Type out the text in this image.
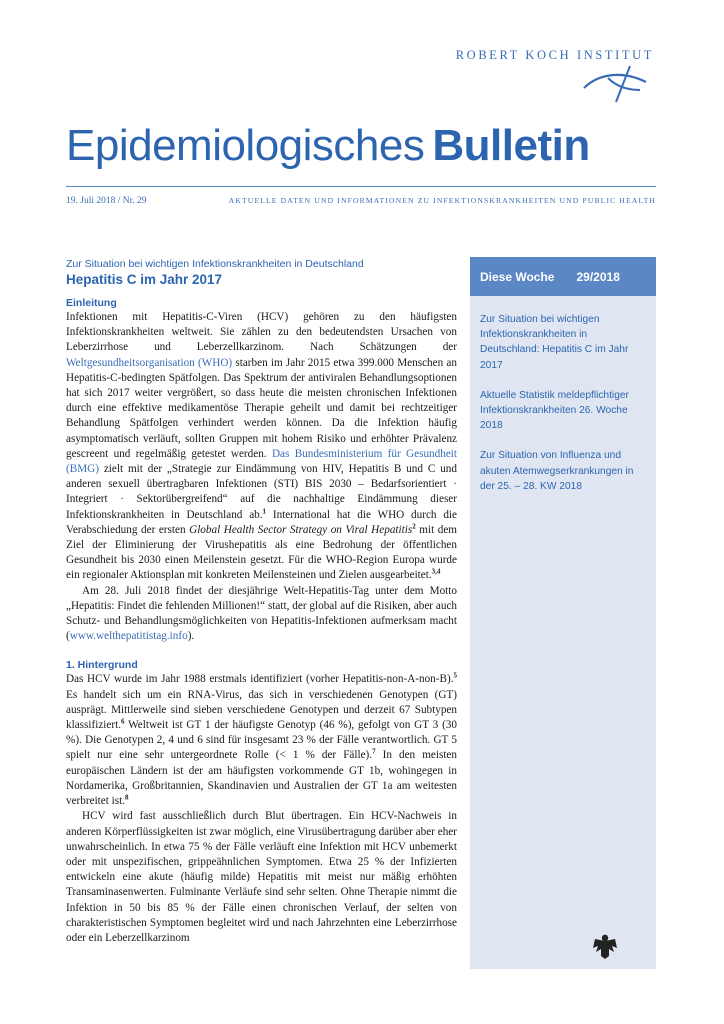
ROBERT KOCH INSTITUT
Epidemiologisches Bulletin
19. Juli 2018 / Nr. 29	AKTUELLE DATEN UND INFORMATIONEN ZU INFEKTIONSKRANKHEITEN UND PUBLIC HEALTH
Zur Situation bei wichtigen Infektionskrankheiten in Deutschland
Hepatitis C im Jahr 2017
Einleitung

Infektionen mit Hepatitis-C-Viren (HCV) gehören zu den häufigsten Infektionskrankheiten weltweit. Sie zählen zu den bedeutendsten Ursachen von Leberzirrhose und Leberzellkarzinom. Nach Schätzungen der Weltgesundheitsorganisation (WHO) starben im Jahr 2015 etwa 399.000 Menschen an Hepatitis-C-bedingten Spätfolgen. Das Spektrum der antiviralen Behandlungsoptionen hat sich 2017 weiter vergrößert, so dass heute die meisten chronischen Infektionen durch eine effektive medikamentöse Therapie geheilt und damit bei rechtzeitiger Behandlung Spätfolgen verhindert werden können. Da die Infektion häufig asymptomatisch verläuft, sollten Gruppen mit hohem Risiko und erhöhter Prävalenz gescreent und regelmäßig getestet werden. Das Bundesministerium für Gesundheit (BMG) zielt mit der „Strategie zur Eindämmung von HIV, Hepatitis B und C und anderen sexuell übertragbaren Infektionen (STI) BIS 2030 – Bedarfsorientiert · Integriert · Sektorübergreifend“ auf die nachhaltige Eindämmung dieser Infektionskrankheiten in Deutschland ab.$^1$ International hat die WHO durch die Verabschiedung der ersten Global Health Sector Strategy on Viral Hepatitis$^2$ mit dem Ziel der Eliminierung der Virushepatitis als eine Bedrohung der öffentlichen Gesundheit bis 2030 einen Meilenstein gesetzt. Für die WHO-Region Europa wurde ein regionaler Aktionsplan mit konkreten Meilensteinen und Zielen ausgearbeitet.$^{3,4}$

Am 28. Juli 2018 findet der diesjährige Welt-Hepatitis-Tag unter dem Motto „Hepatitis: Findet die fehlenden Millionen!“ statt, der global auf die Risiken, aber auch Schutz- und Behandlungsmöglichkeiten von Hepatitis-Infektionen aufmerksam macht (www.welthepatitistag.info).

1. Hintergrund

Das HCV wurde im Jahr 1988 erstmals identifiziert (vorher Hepatitis-non-A-non-B).$^5$ Es handelt sich um ein RNA-Virus, das sich in verschiedenen Genotypen (GT) ausprägt. Mittlerweile sind sieben verschiedene Genotypen und derzeit 67 Subtypen klassifiziert.$^6$ Weltweit ist GT 1 der häufigste Genotyp (46 %), gefolgt von GT 3 (30 %). Die Genotypen 2, 4 und 6 sind für insgesamt 23 % der Fälle verantwortlich. GT 5 spielt nur eine sehr untergeordnete Rolle (< 1 % der Fälle).$^7$ In den meisten europäischen Ländern ist der am häufigsten vorkommende GT 1b, wohingegen in Nordamerika, Großbritannien, Skandinavien und Australien der GT 1a am weitesten verbreitet ist.$^8$

HCV wird fast ausschließlich durch Blut übertragen. Ein HCV-Nachweis in anderen Körperflüssigkeiten ist zwar möglich, eine Virusübertragung darüber aber eher unwahrscheinlich. In etwa 75 % der Fälle verläuft eine Infektion mit HCV unbemerkt oder mit unspezifischen, grippeähnlichen Symptomen. Etwa 25 % der Infizierten entwickeln eine akute (häufig milde) Hepatitis mit meist nur mäßig erhöhten Transaminasenwerten. Fulminante Verläufe sind sehr selten. Ohne Therapie nimmt die Infektion in 50 bis 85 % der Fälle einen chronischen Verlauf, der selten von charakteristischen Symptomen begleitet wird und nach Jahrzehnten eine Leberzirrhose oder ein Leberzellkarzinom

Diese Woche 29/2018
Zur Situation bei wichtigen Infektionskrankheiten in Deutschland: Hepatitis C im Jahr 2017
Aktuelle Statistik meldepflichtiger Infektionskrankheiten 26. Woche 2018
Zur Situation von Influenza und akuten Atemwegserkrankungen in der 25. – 28. KW 2018
